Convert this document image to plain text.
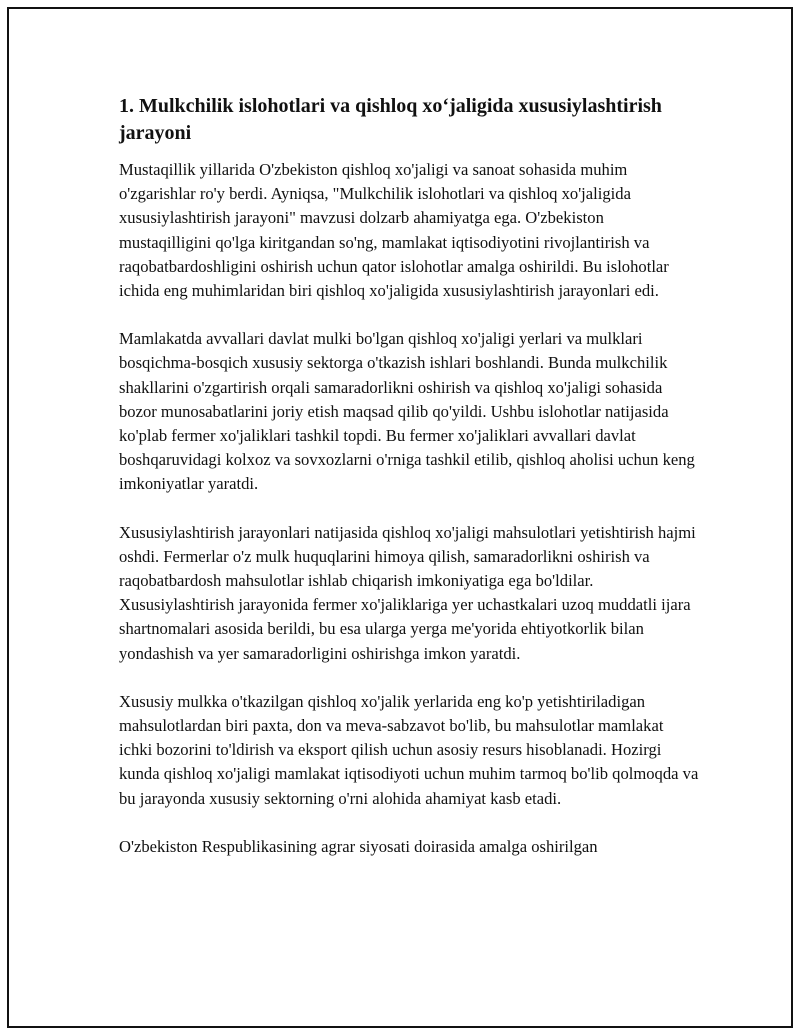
1. Mulkchilik islohotlari va qishloq xo‘jaligida xususiylashtirish jarayoni

Mustaqillik yillarida O'zbekiston qishloq xo'jaligi va sanoat sohasida muhim o'zgarishlar ro'y berdi. Ayniqsa, "Mulkchilik islohotlari va qishloq xo'jaligida xususiylashtirish jarayoni" mavzusi dolzarb ahamiyatga ega. O'zbekiston mustaqilligini qo'lga kiritgandan so'ng, mamlakat iqtisodiyotini rivojlantirish va raqobatbardoshligini oshirish uchun qator islohotlar amalga oshirildi. Bu islohotlar ichida eng muhimlaridan biri qishloq xo'jaligida xususiylashtirish jarayonlari edi.

Mamlakatda avvallari davlat mulki bo'lgan qishloq xo'jaligi yerlari va mulklari bosqichma-bosqich xususiy sektorga o'tkazish ishlari boshlandi. Bunda mulkchilik shakllarini o'zgartirish orqali samaradorlikni oshirish va qishloq xo'jaligi sohasida bozor munosabatlarini joriy etish maqsad qilib qo'yildi. Ushbu islohotlar natijasida ko'plab fermer xo'jaliklari tashkil topdi. Bu fermer xo'jaliklari avvallari davlat boshqaruvidagi kolxoz va sovxozlarni o'rniga tashkil etilib, qishloq aholisi uchun keng imkoniyatlar yaratdi.

Xususiylashtirish jarayonlari natijasida qishloq xo'jaligi mahsulotlari yetishtirish hajmi oshdi. Fermerlar o'z mulk huquqlarini himoya qilish, samaradorlikni oshirish va raqobatbardosh mahsulotlar ishlab chiqarish imkoniyatiga ega bo'ldilar. Xususiylashtirish jarayonida fermer xo'jaliklariga yer uchastkalari uzoq muddatli ijara shartnomalari asosida berildi, bu esa ularga yerga me'yorida ehtiyotkorlik bilan yondashish va yer samaradorligini oshirishga imkon yaratdi.

Xususiy mulkka o'tkazilgan qishloq xo'jalik yerlarida eng ko'p yetishtiriladigan mahsulotlardan biri paxta, don va meva-sabzavot bo'lib, bu mahsulotlar mamlakat ichki bozorini to'ldirish va eksport qilish uchun asosiy resurs hisoblanadi. Hozirgi kunda qishloq xo'jaligi mamlakat iqtisodiyoti uchun muhim tarmoq bo'lib qolmoqda va bu jarayonda xususiy sektorning o'rni alohida ahamiyat kasb etadi.

O'zbekiston Respublikasining agrar siyosati doirasida amalga oshirilgan
